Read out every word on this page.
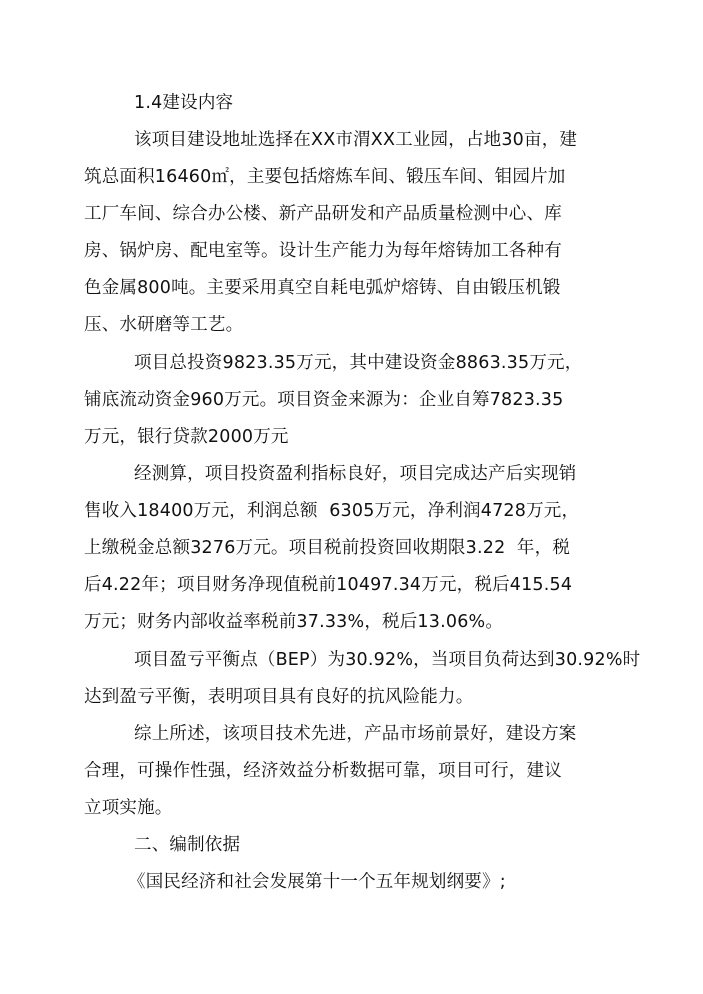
1.4建设内容
该项目建设地址选择在XX市渭XX工业园，占地30亩，建
筑总面积16460㎡，主要包括熔炼车间、锻压车间、钼园片加
工厂车间、综合办公楼、新产品研发和产品质量检测中心、库
房、锅炉房、配电室等。设计生产能力为每年熔铸加工各种有
色金属800吨。主要采用真空自耗电弧炉熔铸、自由锻压机锻
压、水研磨等工艺。
项目总投资9823.35万元，其中建设资金8863.35万元，
铺底流动资金960万元。项目资金来源为：企业自筹7823.35
万元，银行贷款2000万元
经测算，项目投资盈利指标良好，项目完成达产后实现销
售收入18400万元，利润总额  6305万元，净利润4728万元，
上缴税金总额3276万元。项目税前投资回收期限3.22  年，税
后4.22年；项目财务净现值税前10497.34万元，税后415.54
万元；财务内部收益率税前37.33%，税后13.06%。
项目盈亏平衡点（BEP）为30.92%，当项目负荷达到30.92%时
达到盈亏平衡，表明项目具有良好的抗风险能力。
综上所述，该项目技术先进，产品市场前景好，建设方案
合理，可操作性强，经济效益分析数据可靠，项目可行，建议
立项实施。
二、编制依据
《国民经济和社会发展第十一个五年规划纲要》;
